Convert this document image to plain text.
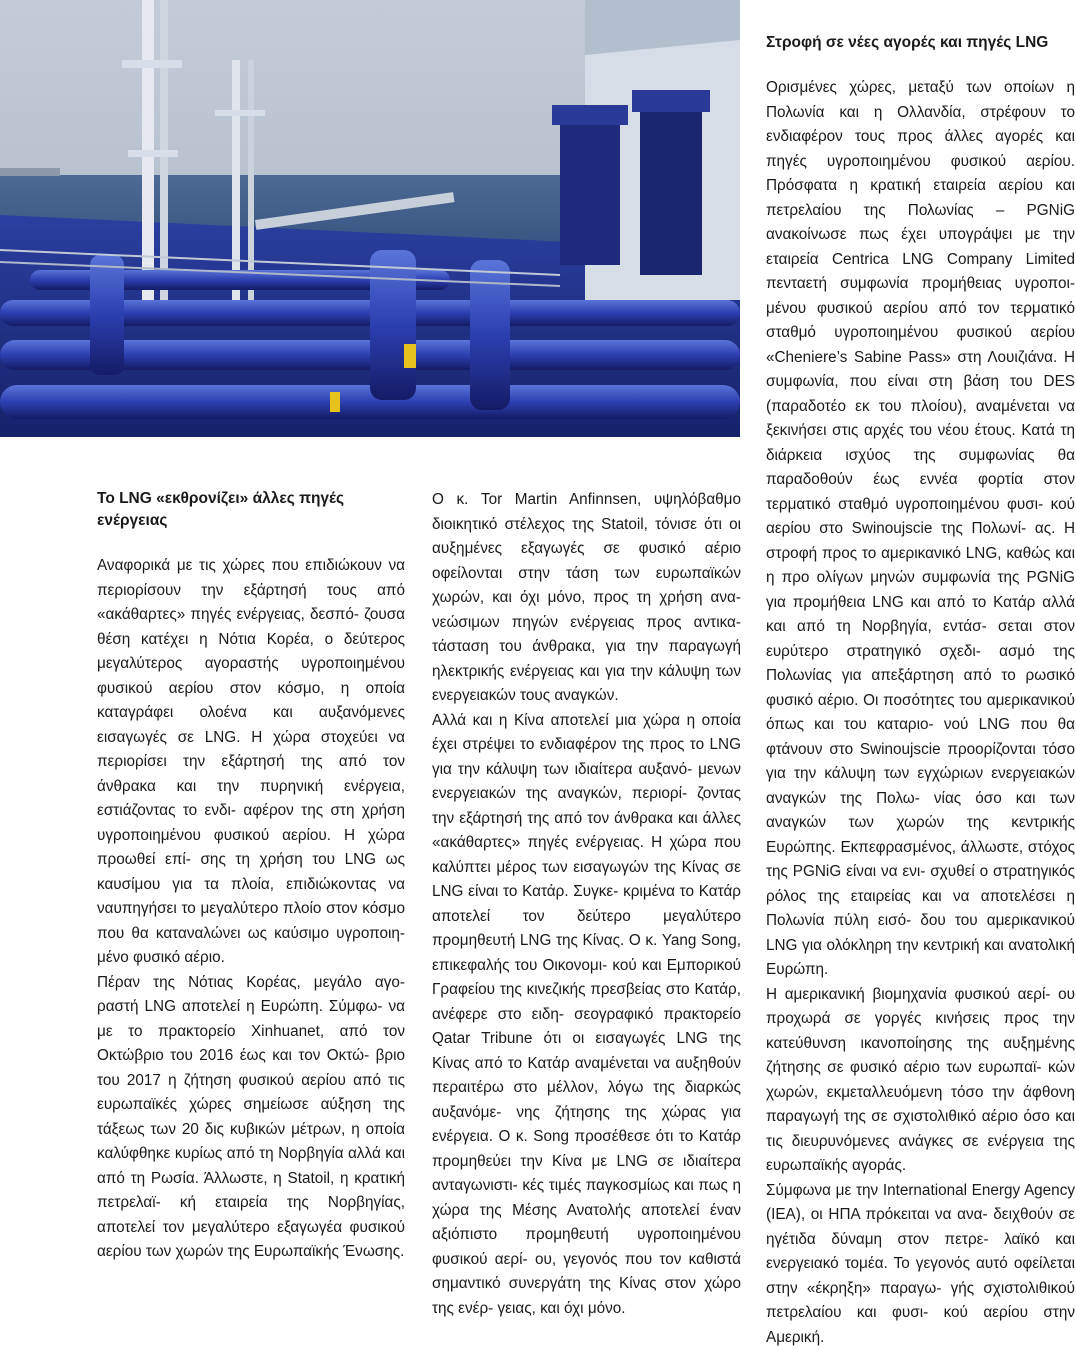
Το LNG «εκθρονίζει» άλλες πηγές ενέργειας

Αναφορικά με τις χώρες που επιδιώκουν να περιορίσουν την εξάρτησή τους από «ακάθαρτες» πηγές ενέργειας, δεσπό- ζουσα θέση κατέχει η Νότια Κορέα, ο δεύτερος μεγαλύτερος αγοραστής υγροποιημένου φυσικού αερίου στον κόσμο, η οποία καταγράφει ολοένα και αυξανόμενες εισαγωγές σε LNG. Η χώρα στοχεύει να περιορίσει την εξάρτησή της από τον άνθρακα και την πυρηνική ενέργεια, εστιάζοντας το ενδι- αφέρον της στη χρήση υγροποιημένου φυσικού αερίου. Η χώρα προωθεί επί- σης τη χρήση του LNG ως καυσίμου για τα πλοία, επιδιώκοντας να ναυπηγήσει το μεγαλύτερο πλοίο στον κόσμο που θα καταναλώνει ως καύσιμο υγροποιη- μένο φυσικό αέριο.

Πέραν της Νότιας Κορέας, μεγάλο αγο- ραστή LNG αποτελεί η Ευρώπη. Σύμφω- να με το πρακτορείο Xinhuanet, από τον Οκτώβριο του 2016 έως και τον Οκτώ- βριο του 2017 η ζήτηση φυσικού αερίου από τις ευρωπαϊκές χώρες σημείωσε αύξηση της τάξεως των 20 δις κυβικών μέτρων, η οποία καλύφθηκε κυρίως από τη Νορβηγία αλλά και από τη Ρωσία. Άλλωστε, η Statoil, η κρατική πετρελαϊ- κή εταιρεία της Νορβηγίας, αποτελεί τον μεγαλύτερο εξαγωγέα φυσικού αερίου των χωρών της Ευρωπαϊκής Ένωσης.

Ο κ. Tor Martin Anfinnsen, υψηλόβαθμο διοικητικό στέλεχος της Statoil, τόνισε ότι οι αυξημένες εξαγωγές σε φυσικό αέριο οφείλονται στην τάση των ευρωπαϊκών χωρών, και όχι μόνο, προς τη χρήση ανα- νεώσιμων πηγών ενέργειας προς αντικα- τάσταση του άνθρακα, για την παραγωγή ηλεκτρικής ενέργειας και για την κάλυψη των ενεργειακών τους αναγκών.

Αλλά και η Κίνα αποτελεί μια χώρα η οποία έχει στρέψει το ενδιαφέρον της προς το LNG για την κάλυψη των ιδιαίτερα αυξανό- μενων ενεργειακών της αναγκών, περιορί- ζοντας την εξάρτησή της από τον άνθρακα και άλλες «ακάθαρτες» πηγές ενέργειας. Η χώρα που καλύπτει μέρος των εισαγωγών της Κίνας σε LNG είναι το Κατάρ. Συγκε- κριμένα το Κατάρ αποτελεί τον δεύτερο μεγαλύτερο προμηθευτή LNG της Κίνας. Ο κ. Yang Song, επικεφαλής του Οικονομι- κού και Εμπορικού Γραφείου της κινεζικής πρεσβείας στο Κατάρ, ανέφερε στο ειδη- σεογραφικό πρακτορείο Qatar Tribune ότι οι εισαγωγές LNG της Κίνας από το Κατάρ αναμένεται να αυξηθούν περαιτέρω στο μέλλον, λόγω της διαρκώς αυξανόμε- νης ζήτησης της χώρας για ενέργεια. Ο κ. Song προσέθεσε ότι το Κατάρ προμηθεύει την Κίνα με LNG σε ιδιαίτερα ανταγωνιστι- κές τιμές παγκοσμίως και πως η χώρα της Μέσης Ανατολής αποτελεί έναν αξιόπιστο προμηθευτή υγροποιημένου φυσικού αερί- ου, γεγονός που τον καθιστά σημαντικό συνεργάτη της Κίνας στον χώρο της ενέρ- γειας, και όχι μόνο.

Στροφή σε νέες αγορές και πηγές LNG

Ορισμένες χώρες, μεταξύ των οποίων η Πολωνία και η Ολλανδία, στρέφουν το ενδιαφέρον τους προς άλλες αγορές και πηγές υγροποιημένου φυσικού αερίου. Πρόσφατα η κρατική εταιρεία αερίου και πετρελαίου της Πολωνίας – PGNiG ανακοίνωσε πως έχει υπογράψει με την εταιρεία Centrica LNG Company Limited πενταετή συμφωνία προμήθειας υγροποι- μένου φυσικού αερίου από τον τερματικό σταθμό υγροποιημένου φυσικού αερίου «Cheniere’s Sabine Pass» στη Λουιζιάνα. Η συμφωνία, που είναι στη βάση του DES (παραδοτέο εκ του πλοίου), αναμένεται να ξεκινήσει στις αρχές του νέου έτους. Κατά τη διάρκεια ισχύος της συμφωνίας θα παραδοθούν έως εννέα φορτία στον τερματικό σταθμό υγροποιημένου φυσι- κού αερίου στο Swinoujscie της Πολωνί- ας. Η στροφή προς το αμερικανικό LNG, καθώς και η προ ολίγων μηνών συμφωνία της PGNiG για προμήθεια LNG και από το Κατάρ αλλά και από τη Νορβηγία, εντάσ- σεται στον ευρύτερο στρατηγικό σχεδι- ασμό της Πολωνίας για απεξάρτηση από το ρωσικό φυσικό αέριο. Οι ποσότητες του αμερικανικού όπως και του καταριο- νού LNG που θα φτάνουν στο Swinoujscie προορίζονται τόσο για την κάλυψη των εγχώριων ενεργειακών αναγκών της Πολω- νίας όσο και των αναγκών των χωρών της κεντρικής Ευρώπης. Εκπεφρασμένος, άλλωστε, στόχος της PGNiG είναι να ενι- σχυθεί ο στρατηγικός ρόλος της εταιρείας και να αποτελέσει η Πολωνία πύλη εισό- δου του αμερικανικού LNG για ολόκληρη την κεντρική και ανατολική Ευρώπη.

Η αμερικανική βιομηχανία φυσικού αερί- ου προχωρά σε γοργές κινήσεις προς την κατεύθυνση ικανοποίησης της αυξημένης ζήτησης σε φυσικό αέριο των ευρωπαϊ- κών χωρών, εκμεταλλευόμενη τόσο την άφθονη παραγωγή της σε σχιστολιθικό αέριο όσο και τις διευρυνόμενες ανάγκες σε ενέργεια της ευρωπαϊκής αγοράς.

Σύμφωνα με την International Energy Agency (IEA), οι ΗΠΑ πρόκειται να ανα- δειχθούν σε ηγέτιδα δύναμη στον πετρε- λαϊκό και ενεργειακό τομέα. Το γεγονός αυτό οφείλεται στην «έκρηξη» παραγω- γής σχιστολιθικού πετρελαίου και φυσι- κού αερίου στην Αμερική.
